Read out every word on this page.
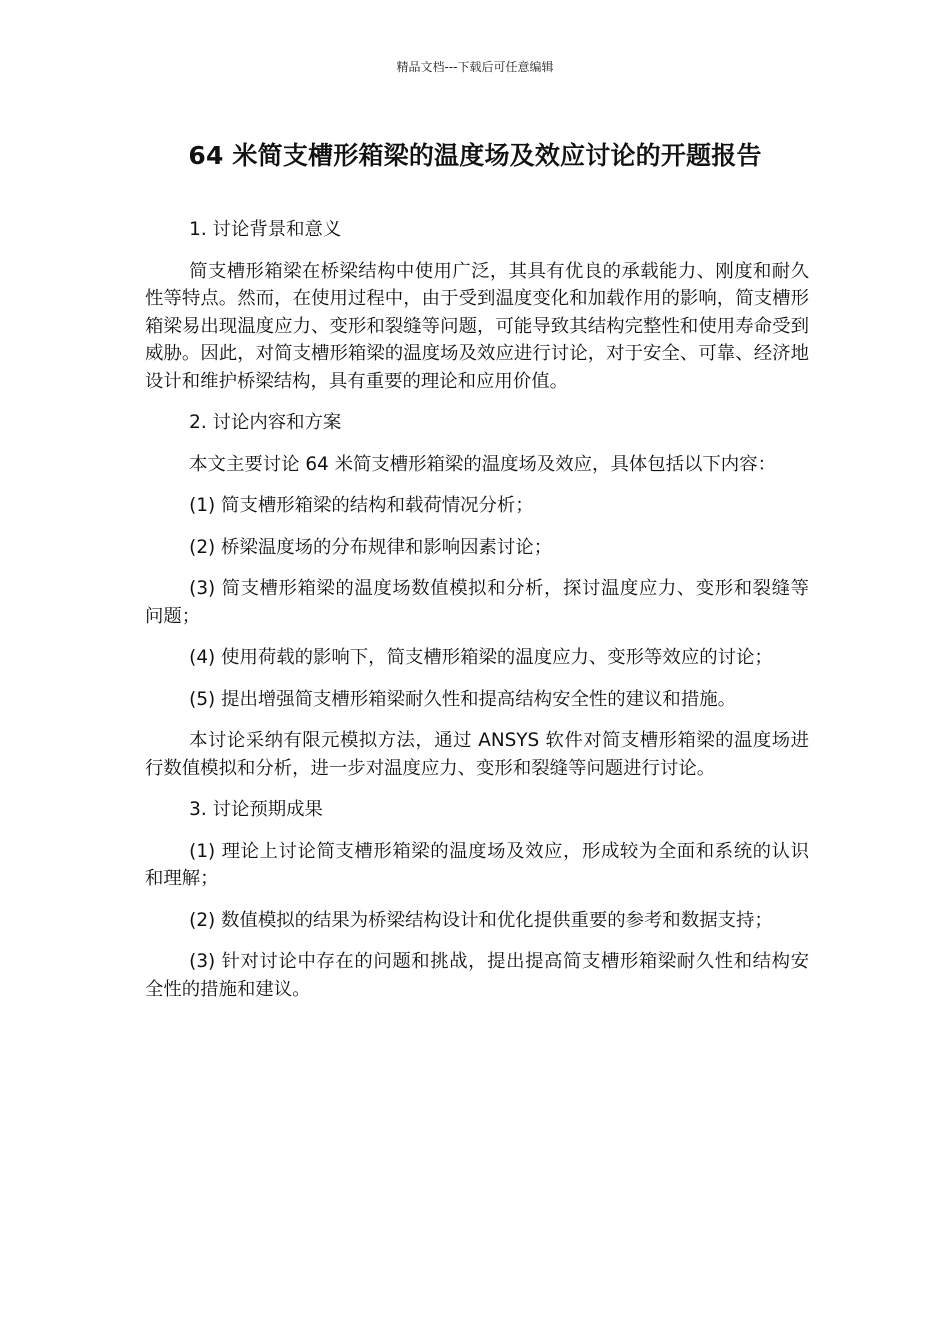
精品文档---下载后可任意编辑
64 米简支槽形箱梁的温度场及效应讨论的开题报告

1. 讨论背景和意义

简支槽形箱梁在桥梁结构中使用广泛，其具有优良的承载能力、刚度和耐久性等特点。然而，在使用过程中，由于受到温度变化和加载作用的影响，简支槽形箱梁易出现温度应力、变形和裂缝等问题，可能导致其结构完整性和使用寿命受到威胁。因此，对简支槽形箱梁的温度场及效应进行讨论，对于安全、可靠、经济地设计和维护桥梁结构，具有重要的理论和应用价值。

2. 讨论内容和方案

本文主要讨论 64 米简支槽形箱梁的温度场及效应，具体包括以下内容：

(1) 简支槽形箱梁的结构和载荷情况分析；

(2) 桥梁温度场的分布规律和影响因素讨论；

(3) 简支槽形箱梁的温度场数值模拟和分析，探讨温度应力、变形和裂缝等问题；

(4) 使用荷载的影响下，简支槽形箱梁的温度应力、变形等效应的讨论；

(5) 提出增强简支槽形箱梁耐久性和提高结构安全性的建议和措施。

本讨论采纳有限元模拟方法，通过 ANSYS 软件对简支槽形箱梁的温度场进行数值模拟和分析，进一步对温度应力、变形和裂缝等问题进行讨论。

3. 讨论预期成果

(1) 理论上讨论简支槽形箱梁的温度场及效应，形成较为全面和系统的认识和理解；

(2) 数值模拟的结果为桥梁结构设计和优化提供重要的参考和数据支持；

(3) 针对讨论中存在的问题和挑战，提出提高简支槽形箱梁耐久性和结构安全性的措施和建议。
